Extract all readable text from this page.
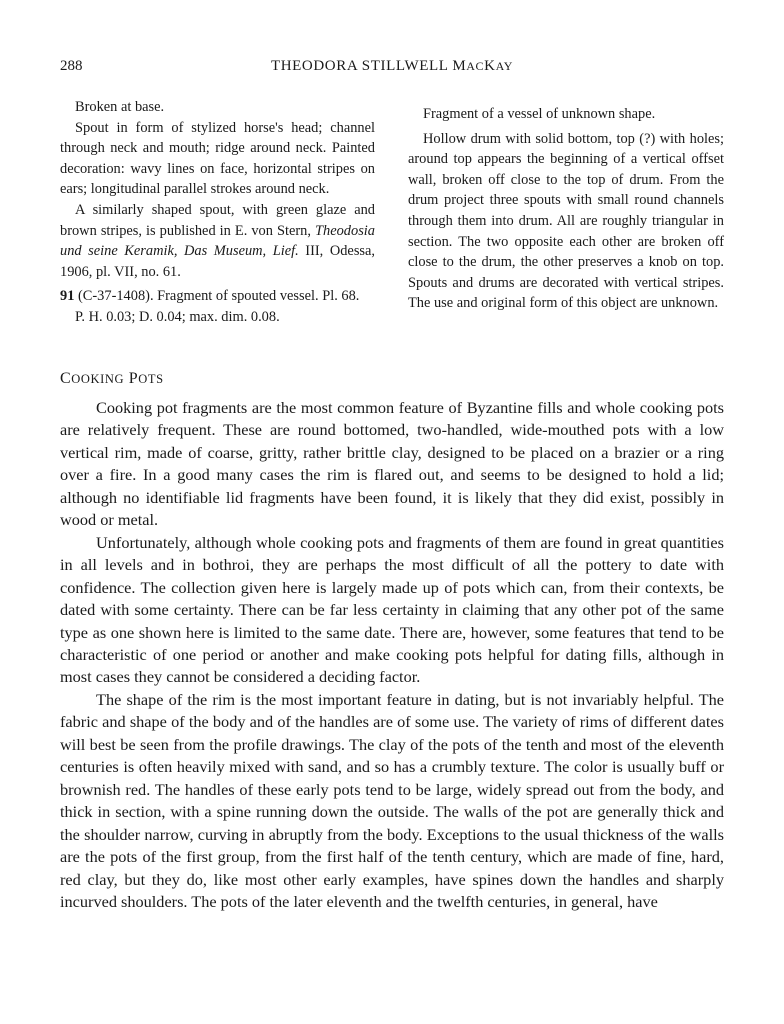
288	THEODORA STILLWELL MACKAY

Broken at base.

Spout in form of stylized horse's head; channel through neck and mouth; ridge around neck. Painted decoration: wavy lines on face, horizontal stripes on ears; longitudinal parallel strokes around neck.

A similarly shaped spout, with green glaze and brown stripes, is published in E. von Stern, Theodosia und seine Keramik, Das Museum, Lief. III, Odessa, 1906, pl. VII, no. 61.

91 (C-37-1408). Fragment of spouted vessel. Pl. 68.

P. H. 0.03; D. 0.04; max. dim. 0.08.

Fragment of a vessel of unknown shape.

Hollow drum with solid bottom, top (?) with holes; around top appears the beginning of a vertical offset wall, broken off close to the top of drum. From the drum project three spouts with small round channels through them into drum. All are roughly triangular in section. The two opposite each other are broken off close to the drum, the other preserves a knob on top. Spouts and drums are decorated with vertical stripes. The use and original form of this object are unknown.

COOKING POTS

Cooking pot fragments are the most common feature of Byzantine fills and whole cooking pots are relatively frequent. These are round bottomed, two-handled, wide-mouthed pots with a low vertical rim, made of coarse, gritty, rather brittle clay, designed to be placed on a brazier or a ring over a fire. In a good many cases the rim is flared out, and seems to be designed to hold a lid; although no identifiable lid fragments have been found, it is likely that they did exist, possibly in wood or metal.

Unfortunately, although whole cooking pots and fragments of them are found in great quantities in all levels and in bothroi, they are perhaps the most difficult of all the pottery to date with confidence. The collection given here is largely made up of pots which can, from their contexts, be dated with some certainty. There can be far less certainty in claiming that any other pot of the same type as one shown here is limited to the same date. There are, however, some features that tend to be characteristic of one period or another and make cooking pots helpful for dating fills, although in most cases they cannot be considered a deciding factor.

The shape of the rim is the most important feature in dating, but is not invariably helpful. The fabric and shape of the body and of the handles are of some use. The variety of rims of different dates will best be seen from the profile drawings. The clay of the pots of the tenth and most of the eleventh centuries is often heavily mixed with sand, and so has a crumbly texture. The color is usually buff or brownish red. The handles of these early pots tend to be large, widely spread out from the body, and thick in section, with a spine running down the outside. The walls of the pot are generally thick and the shoulder narrow, curving in abruptly from the body. Exceptions to the usual thickness of the walls are the pots of the first group, from the first half of the tenth century, which are made of fine, hard, red clay, but they do, like most other early examples, have spines down the handles and sharply incurved shoulders. The pots of the later eleventh and the twelfth centuries, in general, have
